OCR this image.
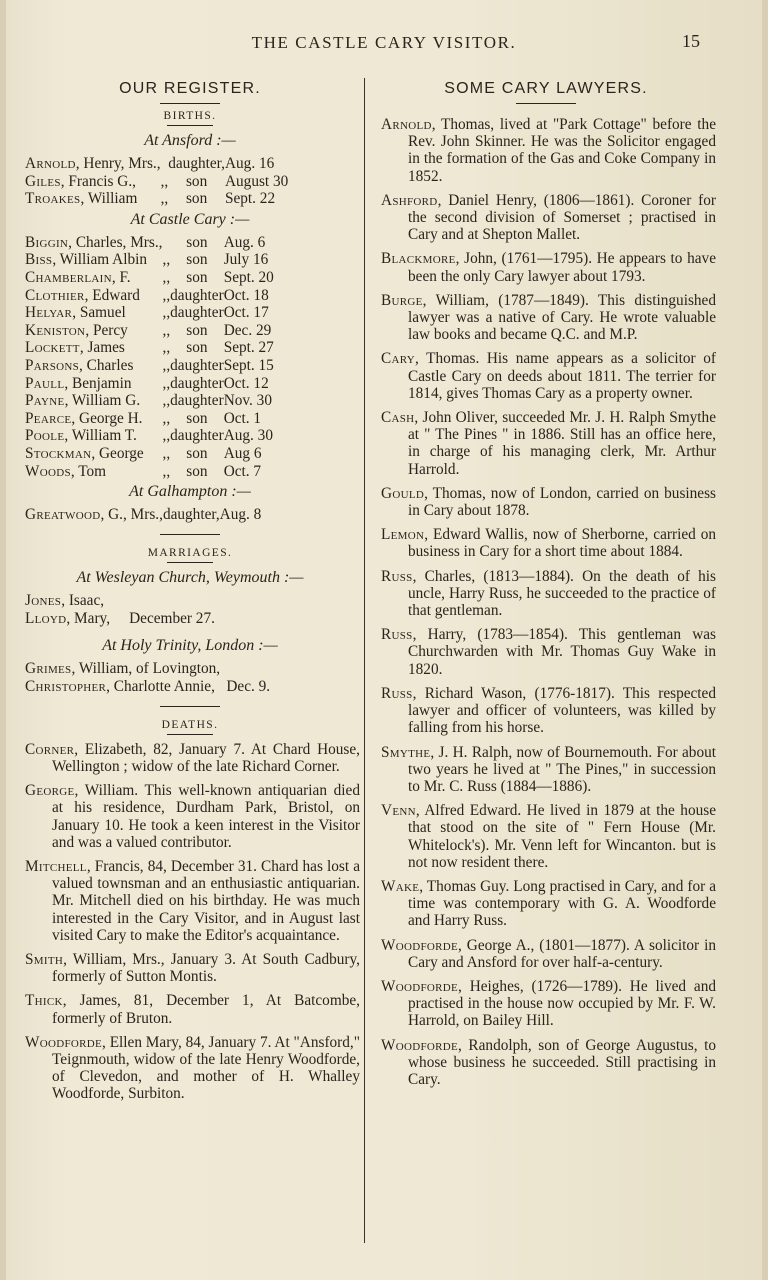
THE CASTLE CARY VISITOR.	15
OUR REGISTER.
BIRTHS.
At Ansford :—
Arnold, Henry, Mrs.,		daughter,	Aug. 16
Giles, Francis G.,	,,	son	August 30
Troakes, William	,,	son	Sept. 22
At Castle Cary :—
Biggin, Charles, Mrs.,		son	Aug. 6
Biss, William Albin	,,	son	July 16
Chamberlain, F.	,,	son	Sept. 20
Clothier, Edward	,,	daughter	Oct. 18
Helyar, Samuel	,,	daughter	Oct. 17
Keniston, Percy	,,	son	Dec. 29
Lockett, James	,,	son	Sept. 27
Parsons, Charles	,,	daughter	Sept. 15
Paull, Benjamin	,,	daughter	Oct. 12
Payne, William G.	,,	daughter	Nov. 30
Pearce, George H.	,,	son	Oct. 1
Poole, William T.	,,	daughter	Aug. 30
Stockman, George	,,	son	Aug 6
Woods, Tom	,,	son	Oct. 7
At Galhampton :—
Greatwood, G., Mrs.,		daughter,	Aug. 8
MARRIAGES.
At Wesleyan Church, Weymouth :—
Jones, Isaac,
Lloyd, Mary,     December 27.
At Holy Trinity, London :—
Grimes, William, of Lovington,
Christopher, Charlotte Annie,   Dec. 9.
DEATHS.

Corner, Elizabeth, 82, January 7. At Chard House, Wellington ; widow of the late Richard Corner.

George, William. This well-known antiquarian died at his residence, Durdham Park, Bristol, on January 10. He took a keen interest in the Visitor and was a valued contributor.

Mitchell, Francis, 84, December 31. Chard has lost a valued townsman and an enthusiastic antiquarian. Mr. Mitchell died on his birthday. He was much interested in the Cary Visitor, and in August last visited Cary to make the Editor's acquaintance.

Smith, William, Mrs., January 3. At South Cadbury, formerly of Sutton Montis.

Thick, James, 81, December 1, At Batcombe, formerly of Bruton.

Woodforde, Ellen Mary, 84, January 7. At "Ansford," Teignmouth, widow of the late Henry Woodforde, of Clevedon, and mother of H. Whalley Woodforde, Surbiton.

SOME CARY LAWYERS.

Arnold, Thomas, lived at "Park Cottage" before the Rev. John Skinner. He was the Solicitor engaged in the formation of the Gas and Coke Company in 1852.

Ashford, Daniel Henry, (1806—1861). Coroner for the second division of Somerset ; practised in Cary and at Shepton Mallet.

Blackmore, John, (1761—1795). He appears to have been the only Cary lawyer about 1793.

Burge, William, (1787—1849). This distinguished lawyer was a native of Cary. He wrote valuable law books and became Q.C. and M.P.

Cary, Thomas. His name appears as a solicitor of Castle Cary on deeds about 1811. The terrier for 1814, gives Thomas Cary as a property owner.

Cash, John Oliver, succeeded Mr. J. H. Ralph Smythe at " The Pines " in 1886. Still has an office here, in charge of his managing clerk, Mr. Arthur Harrold.

Gould, Thomas, now of London, carried on business in Cary about 1878.

Lemon, Edward Wallis, now of Sherborne, carried on business in Cary for a short time about 1884.

Russ, Charles, (1813—1884). On the death of his uncle, Harry Russ, he succeeded to the practice of that gentleman.

Russ, Harry, (1783—1854). This gentleman was Churchwarden with Mr. Thomas Guy Wake in 1820.

Russ, Richard Wason, (1776-1817). This respected lawyer and officer of volunteers, was killed by falling from his horse.

Smythe, J. H. Ralph, now of Bournemouth. For about two years he lived at " The Pines," in succession to Mr. C. Russ (1884—1886).

Venn, Alfred Edward. He lived in 1879 at the house that stood on the site of " Fern House (Mr. Whitelock's). Mr. Venn left for Wincanton. but is not now resident there.

Wake, Thomas Guy. Long practised in Cary, and for a time was contemporary with G. A. Woodforde and Harry Russ.

Woodforde, George A., (1801—1877). A solicitor in Cary and Ansford for over half-a-century.

Woodforde, Heighes, (1726—1789). He lived and practised in the house now occupied by Mr. F. W. Harrold, on Bailey Hill.

Woodforde, Randolph, son of George Augustus, to whose business he succeeded. Still practising in Cary.
